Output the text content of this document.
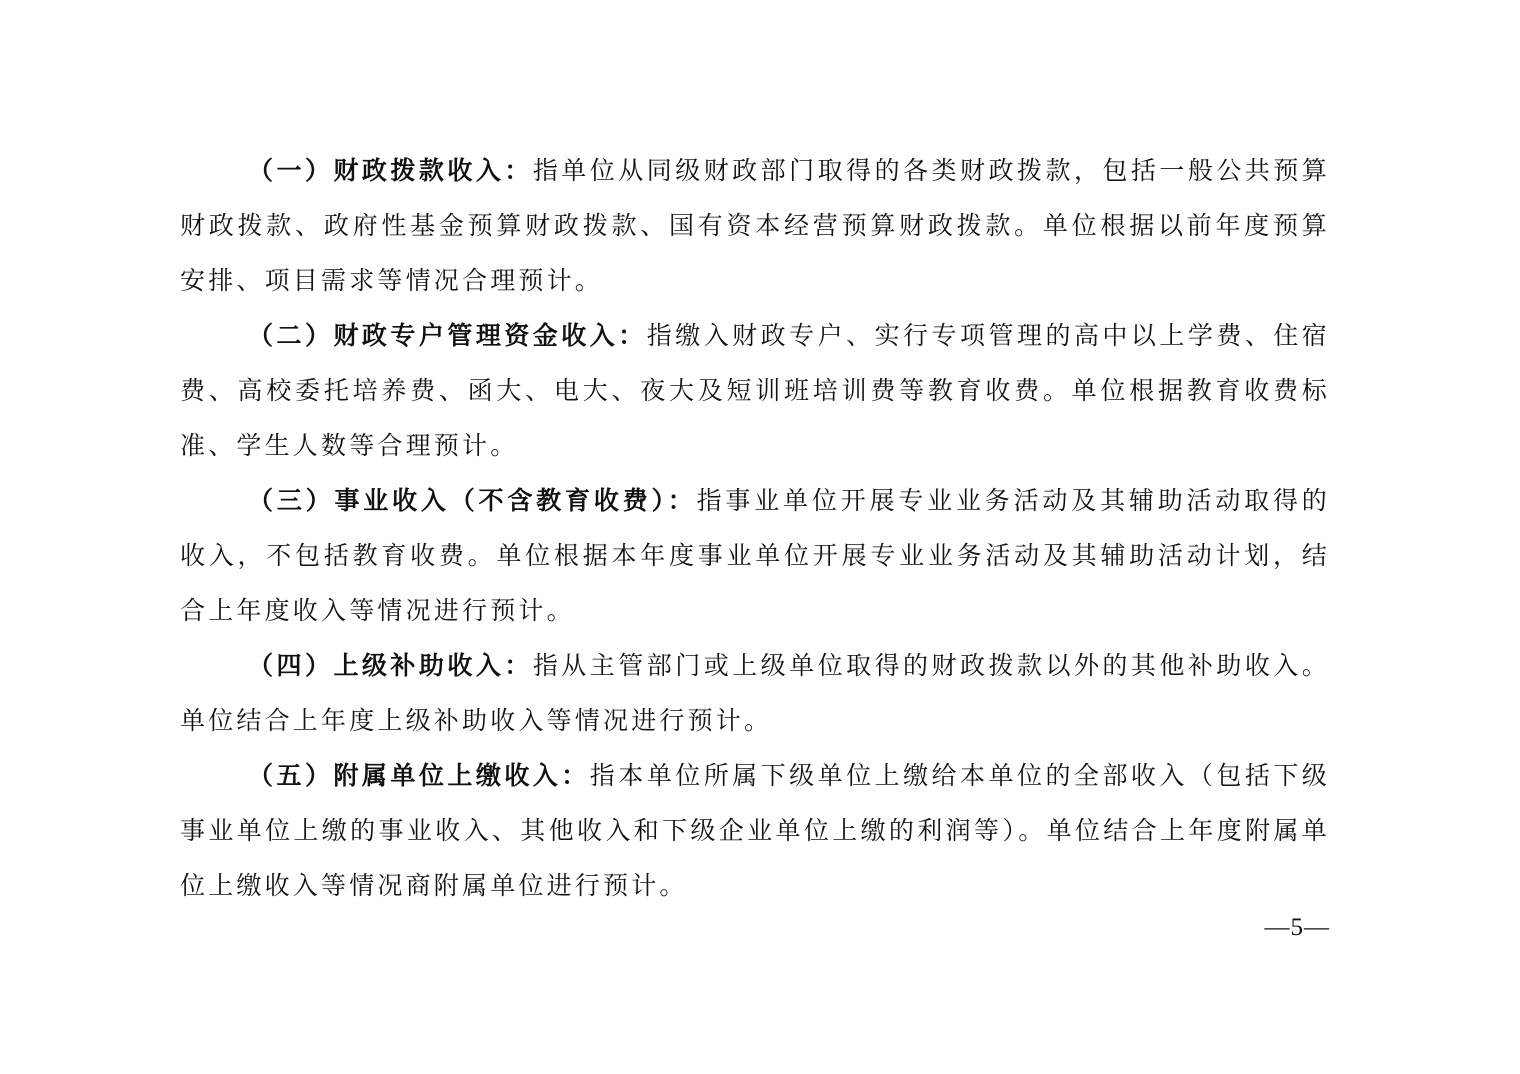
（一）财政拨款收入：指单位从同级财政部门取得的各类财政拨款，包括一般公共预算财政拨款、政府性基金预算财政拨款、国有资本经营预算财政拨款。单位根据以前年度预算安排、项目需求等情况合理预计。

（二）财政专户管理资金收入：指缴入财政专户、实行专项管理的高中以上学费、住宿费、高校委托培养费、函大、电大、夜大及短训班培训费等教育收费。单位根据教育收费标准、学生人数等合理预计。

（三）事业收入（不含教育收费）：指事业单位开展专业业务活动及其辅助活动取得的收入，不包括教育收费。单位根据本年度事业单位开展专业业务活动及其辅助活动计划，结合上年度收入等情况进行预计。

（四）上级补助收入：指从主管部门或上级单位取得的财政拨款以外的其他补助收入。单位结合上年度上级补助收入等情况进行预计。

（五）附属单位上缴收入：指本单位所属下级单位上缴给本单位的全部收入（包括下级事业单位上缴的事业收入、其他收入和下级企业单位上缴的利润等）。单位结合上年度附属单位上缴收入等情况商附属单位进行预计。

—5—
